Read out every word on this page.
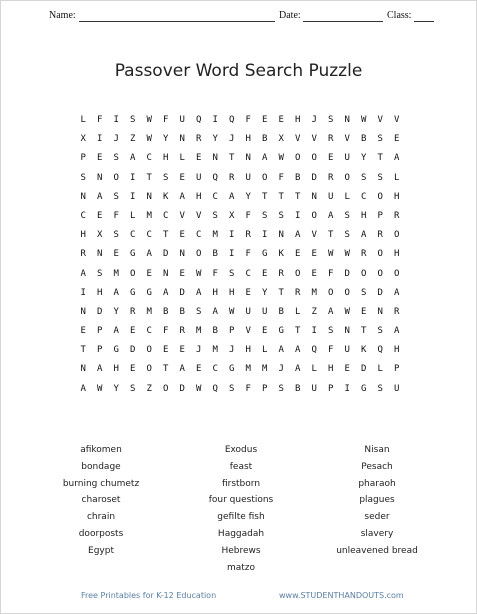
Name:	Date:	Class:
Passover Word Search Puzzle
L	F	I	S	W	F	U	Q	I	Q	F	E	E	H	J	S	N	W	V	V
X	I	J	Z	W	Y	N	R	Y	J	H	B	X	V	V	R	V	B	S	E
P	E	S	A	C	H	L	E	N	T	N	A	W	O	O	E	U	Y	T	A
S	N	O	I	T	S	E	U	Q	R	U	O	F	B	D	R	O	S	S	L
N	A	S	I	N	K	A	H	C	A	Y	T	T	T	N	U	L	C	O	H
C	E	F	L	M	C	V	V	S	X	F	S	S	I	O	A	S	H	P	R
H	X	S	C	C	T	E	C	M	I	R	I	N	A	V	T	S	A	R	O
R	N	E	G	A	D	N	O	B	I	F	G	K	E	E	W	W	R	O	H
A	S	M	O	E	N	E	W	F	S	C	E	R	O	E	F	D	O	O	O
I	H	A	G	G	A	D	A	H	H	E	Y	T	R	M	O	O	S	D	A
N	D	Y	R	M	B	B	S	A	W	U	U	B	L	Z	A	W	E	N	R
E	P	A	E	C	F	R	M	B	P	V	E	G	T	I	S	N	T	S	A
T	P	G	D	O	E	E	J	M	J	H	L	A	A	Q	F	U	K	Q	H
N	A	H	E	O	T	A	E	C	G	M	M	J	A	L	H	E	D	L	P
A	W	Y	S	Z	O	D	W	Q	S	F	P	S	B	U	P	I	G	S	U
afikomen
bondage
burning chumetz
charoset
chrain
doorposts
Egypt
Exodus
feast
firstborn
four questions
gefilte fish
Haggadah
Hebrews
matzo
Nisan
Pesach
pharaoh
plagues
seder
slavery
unleavened bread
Free Printables for K-12 Education	www.STUDENTHANDOUTS.com
